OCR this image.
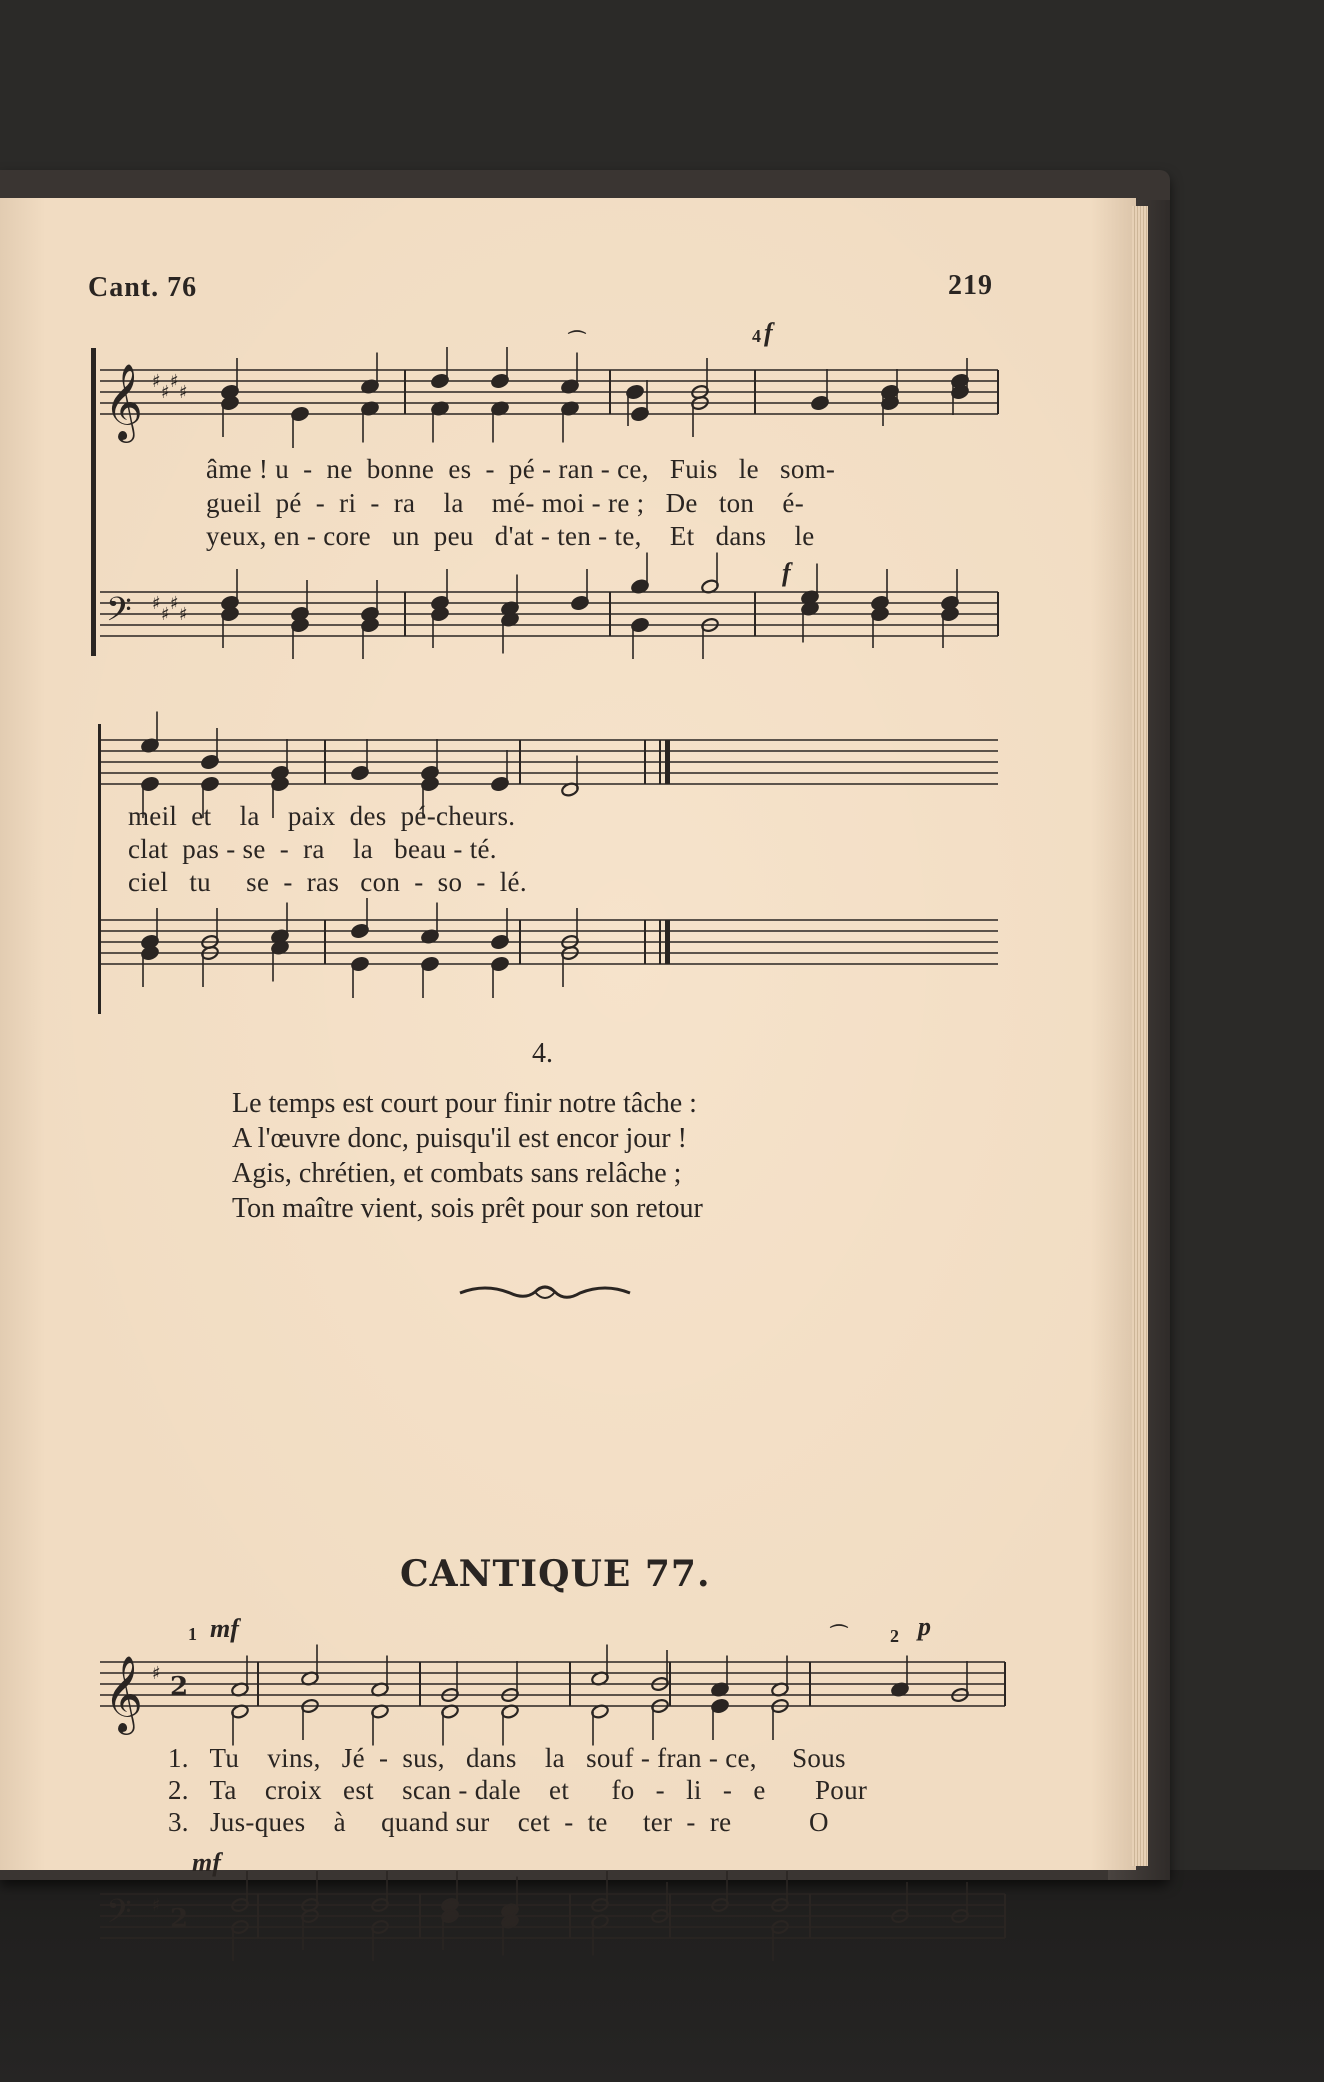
Cant. 76	219
𝄞 ♯
♯
♯
♯
⌒	4 f
âme ! u  -  ne  bonne  es  -  pé - ran - ce,   Fuis   le   som-
gueil  pé  -  ri  -  ra    la    mé- moi - re ;   De   ton    é-
yeux, en - core   un  peu   d'at - ten - te,    Et   dans    le
f
𝄢 ♯
♯
♯
♯
meil  et    la    paix  des  pé-cheurs.
clat  pas - se  -  ra    la   beau - té.
ciel   tu     se  -  ras   con  -  so  -  lé.
4.
Le temps est court pour finir notre tâche :
A l'œuvre donc, puisqu'il est encor jour !
Agis, chrétien, et combats sans relâche ;
Ton maître vient, sois prêt pour son retour
CANTIQUE 77.
1 mf	⌒ 2 p
𝄞 ♯ 2
1.   Tu    vins,   Jé  -  sus,   dans    la   souf - fran - ce,     Sous
2.   Ta    croix   est    scan - dale    et      fo   -   li   -   e       Pour
3.   Jus-ques    à     quand sur    cet  -  te     ter  -  re           O
mf
𝄢 ♯ 2
